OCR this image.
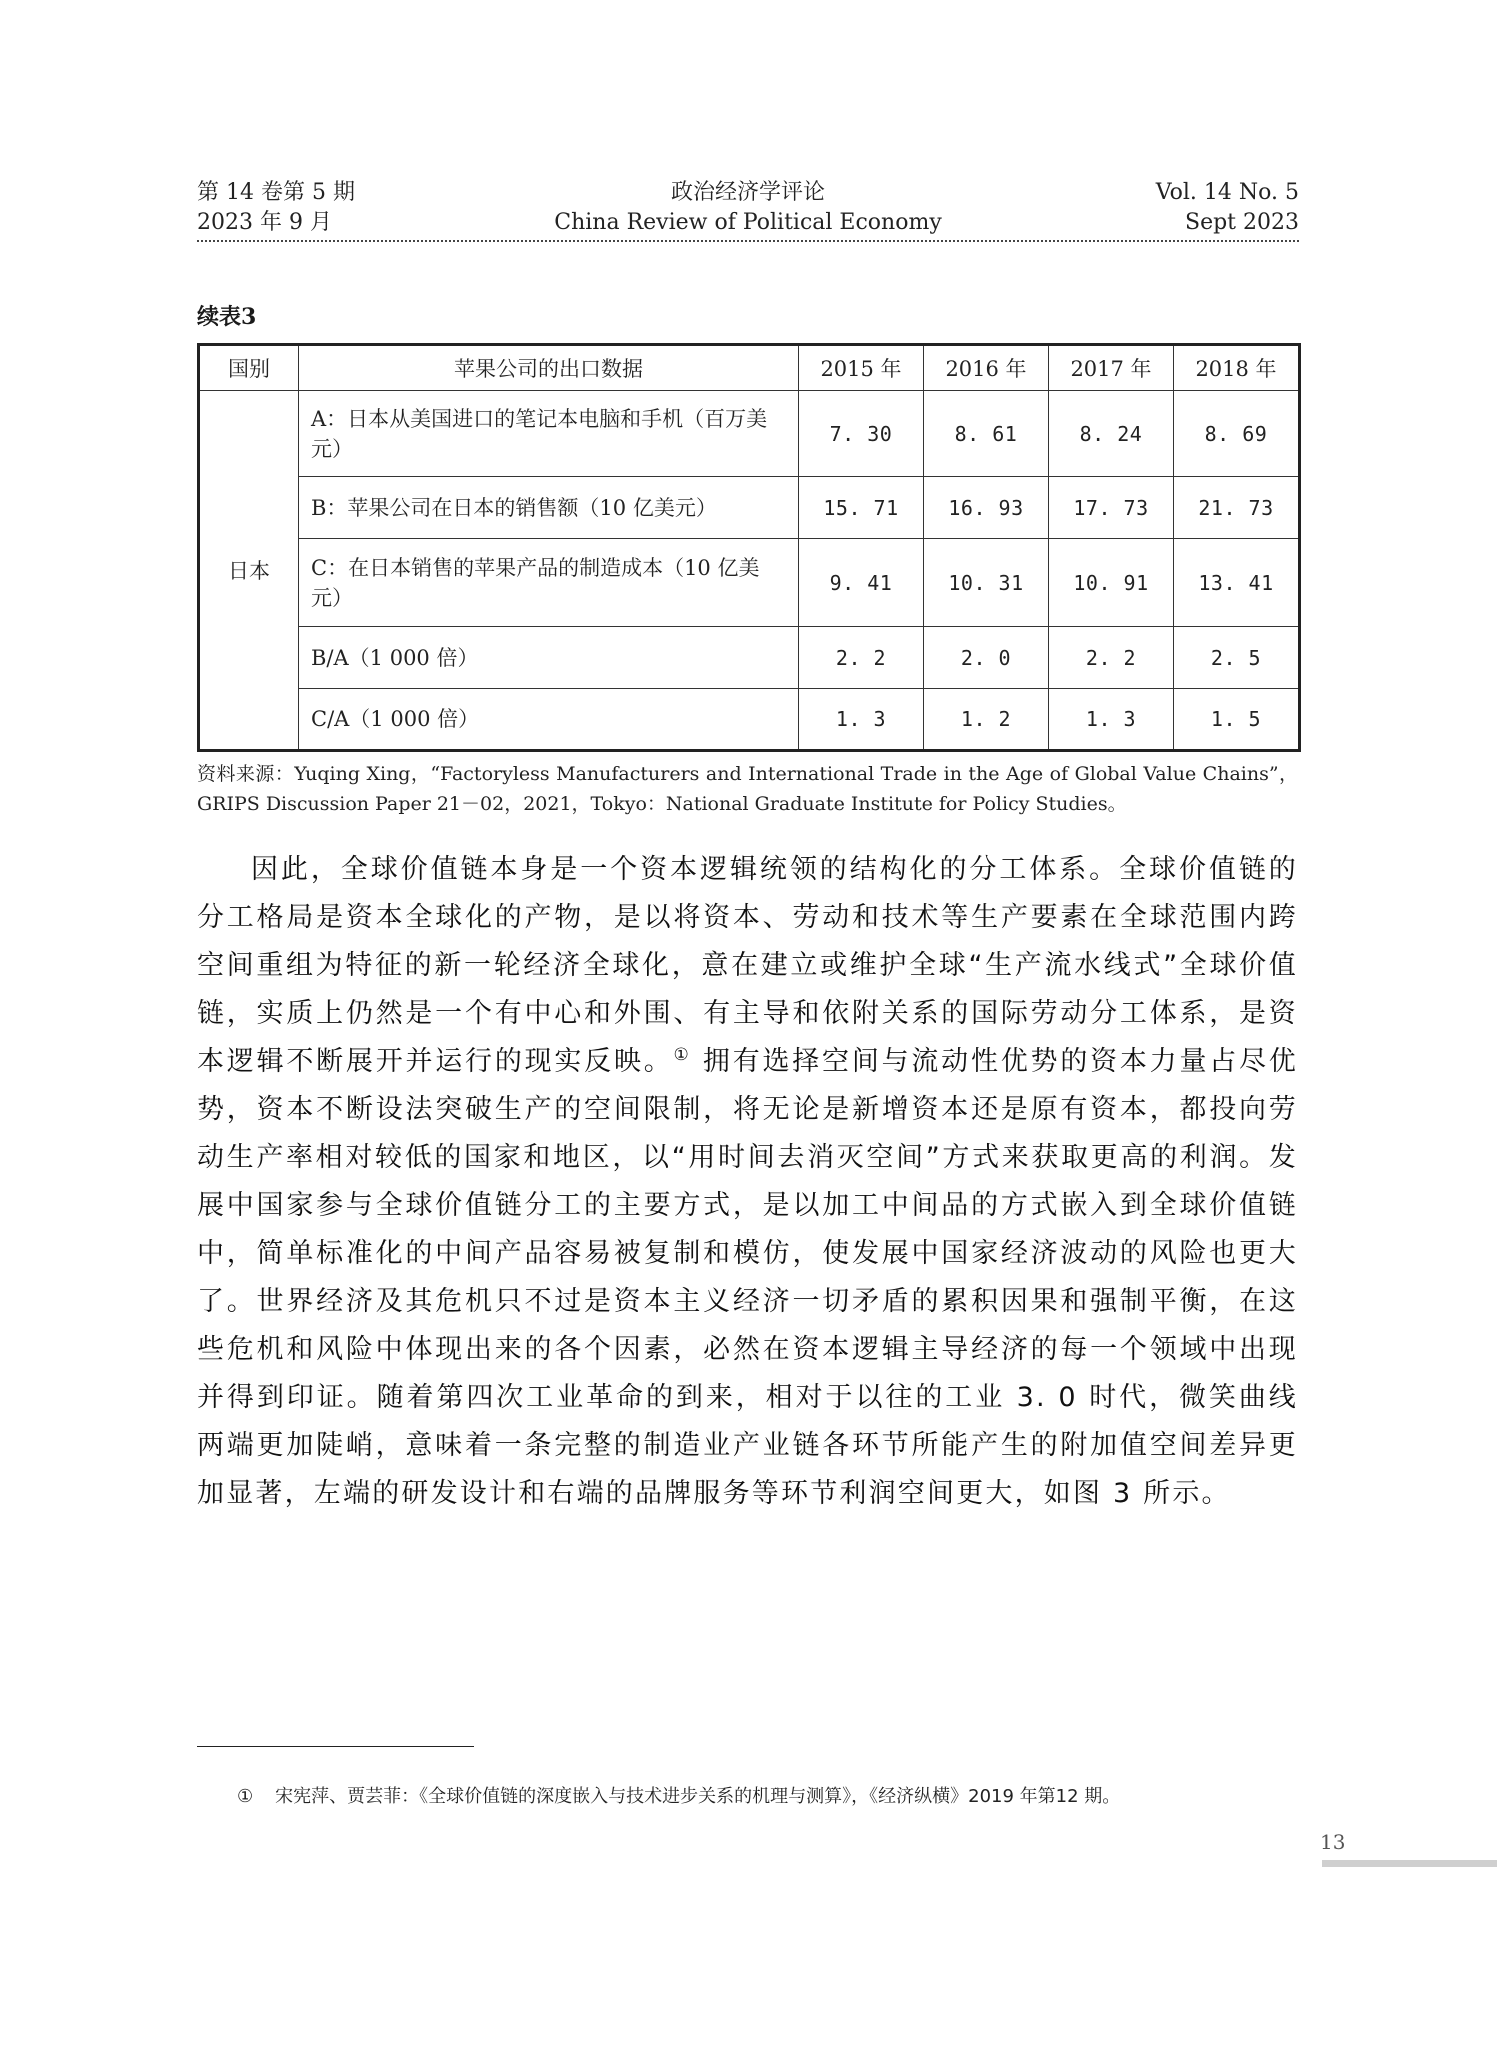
第 14 卷第 5 期
2023 年 9 月
政治经济学评论
China Review of Political Economy
Vol. 14 No. 5
Sept 2023
续表3
国别	苹果公司的出口数据	2015 年	2016 年	2017 年	2018 年
日本	A：日本从美国进口的笔记本电脑和手机（百万美元）	7. 30	8. 61	8. 24	8. 69
	B：苹果公司在日本的销售额（10 亿美元）	15. 71	16. 93	17. 73	21. 73
	C：在日本销售的苹果产品的制造成本（10 亿美元）	9. 41	10. 31	10. 91	13. 41
	B/A（1 000 倍）	2. 2	2. 0	2. 2	2. 5
	C/A（1 000 倍）	1. 3	1. 2	1. 3	1. 5
资料来源：Yuqing Xing，“Factoryless Manufacturers and International Trade in the Age of Global Value Chains”，GRIPS Discussion Paper 21－02，2021，Tokyo：National Graduate Institute for Policy Studies。

因此，全球价值链本身是一个资本逻辑统领的结构化的分工体系。全球价值链的分工格局是资本全球化的产物，是以将资本、劳动和技术等生产要素在全球范围内跨空间重组为特征的新一轮经济全球化，意在建立或维护全球“生产流水线式”全球价值链，实质上仍然是一个有中心和外围、有主导和依附关系的国际劳动分工体系，是资本逻辑不断展开并运行的现实反映。① 拥有选择空间与流动性优势的资本力量占尽优势，资本不断设法突破生产的空间限制，将无论是新增资本还是原有资本，都投向劳动生产率相对较低的国家和地区，以“用时间去消灭空间”方式来获取更高的利润。发展中国家参与全球价值链分工的主要方式，是以加工中间品的方式嵌入到全球价值链中，简单标准化的中间产品容易被复制和模仿，使发展中国家经济波动的风险也更大了。世界经济及其危机只不过是资本主义经济一切矛盾的累积因果和强制平衡，在这些危机和风险中体现出来的各个因素，必然在资本逻辑主导经济的每一个领域中出现并得到印证。随着第四次工业革命的到来，相对于以往的工业 3. 0 时代，微笑曲线两端更加陡峭，意味着一条完整的制造业产业链各环节所能产生的附加值空间差异更加显著，左端的研发设计和右端的品牌服务等环节利润空间更大，如图 3 所示。

① 宋宪萍、贾芸菲：《全球价值链的深度嵌入与技术进步关系的机理与测算》，《经济纵横》2019 年第12 期。
13
